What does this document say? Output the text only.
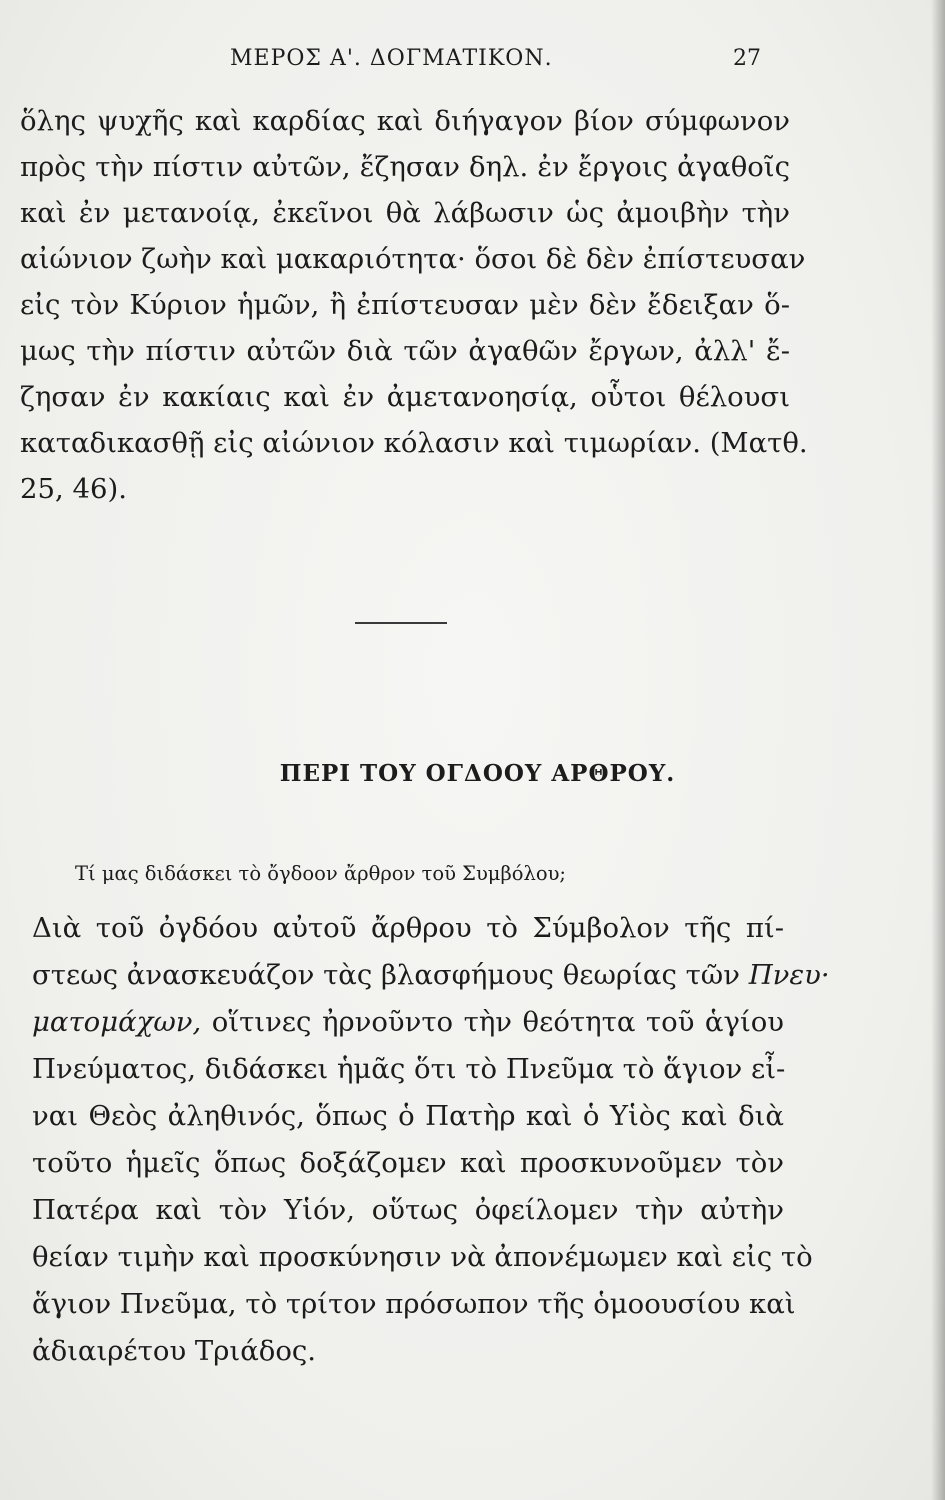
ΜΕΡΟΣ Α'. ΔΟΓΜΑΤΙΚΟΝ.	27
ὅλης ψυχῆς καὶ καρδίας καὶ διήγαγον βίον σύμφωνον
πρὸς τὴν πίστιν αὐτῶν, ἔζησαν δηλ. ἐν ἔργοις ἀγαθοῖς
καὶ ἐν μετανοίᾳ, ἐκεῖνοι θὰ λάβωσιν ὡς ἀμοιβὴν τὴν
αἰώνιον ζωὴν καὶ μακαριότητα· ὅσοι δὲ δὲν ἐπίστευσαν
εἰς τὸν Κύριον ἡμῶν, ἢ ἐπίστευσαν μὲν δὲν ἔδειξαν ὅ-
μως τὴν πίστιν αὐτῶν διὰ τῶν ἀγαθῶν ἔργων, ἀλλ' ἔ-
ζησαν ἐν κακίαις καὶ ἐν ἀμετανοησίᾳ, οὗτοι θέλουσι
καταδικασθῇ εἰς αἰώνιον κόλασιν καὶ τιμωρίαν. (Ματθ.
25, 46).
ΠΕΡΙ ΤΟΥ ΟΓΔΟΟΥ ΑΡΘΡΟΥ.
Τί μας διδάσκει τὸ ὄγδοον ἄρθρον τοῦ Συμβόλου;
Διὰ τοῦ ὀγδόου αὐτοῦ ἄρθρου τὸ Σύμβολον τῆς πί-
στεως ἀνασκευάζον τὰς βλασφήμους θεωρίας τῶν Πνευ·
ματομάχων, οἵτινες ἠρνοῦντο τὴν θεότητα τοῦ ἁγίου
Πνεύματος, διδάσκει ἡμᾶς ὅτι τὸ Πνεῦμα τὸ ἅγιον εἶ-
ναι Θεὸς ἀληθινός, ὅπως ὁ Πατὴρ καὶ ὁ Υἱὸς καὶ διὰ
τοῦτο ἡμεῖς ὅπως δοξάζομεν καὶ προσκυνοῦμεν τὸν
Πατέρα καὶ τὸν Υἱόν, οὕτως ὀφείλομεν τὴν αὐτὴν
θείαν τιμὴν καὶ προσκύνησιν νὰ ἀπονέμωμεν καὶ εἰς τὸ
ἅγιον Πνεῦμα, τὸ τρίτον πρόσωπον τῆς ὁμοουσίου καὶ
ἀδιαιρέτου Τριάδος.
